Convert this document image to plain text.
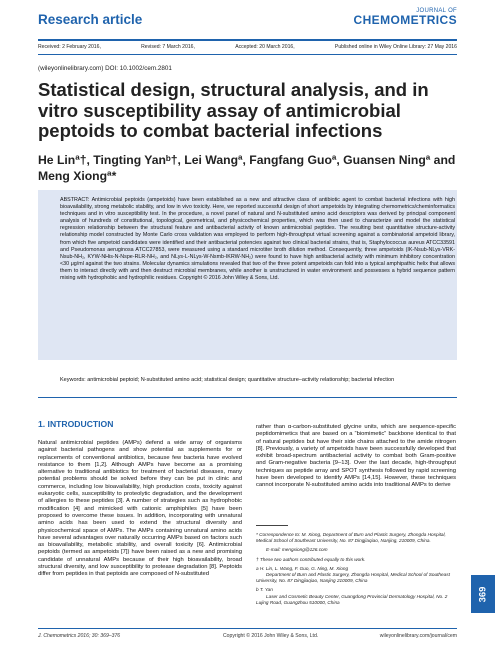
Research article
JOURNAL OF
CHEMOMETRICS
Received: 2 February 2016,	Revised: 7 March 2016,	Accepted: 20 March 2016,	Published online in Wiley Online Library: 27 May 2016
(wileyonlinelibrary.com) DOI: 10.1002/cem.2801
Statistical design, structural analysis, and in vitro susceptibility assay of antimicrobial peptoids to combat bacterial infections
He Linª†, Tingting Yanᵇ†, Lei Wangª, Fangfang Guoª, Guansen Ningª and Meng Xiongª*

ABSTRACT: Antimicrobial peptoids (ampetoids) have been established as a new and attractive class of antibiotic agent to combat bacterial infections with high bioavailability, strong metabolic stability, and low in vivo toxicity. Here, we reported successful design of short ampetoids by integrating chemometrics/cheminformatics techniques and in vitro susceptibility test. In the procedure, a novel panel of natural and N-substituted amino acid descriptors was derived by principal component analysis of hundreds of constitutional, topological, geometrical, and physicochemical properties, which was then used to characterize and model the statistical regression relationship between the structural feature and antibacterial activity of known antimicrobial peptides. The resulting best quantitative structure-activity relationship model constructed by Monte Carlo cross validation was employed to perform high-throughput virtual screening against a combinatorial ampetoid library, from which five ampetoid candidates were identified and their antibacterial potencies against two clinical bacterial strains, that is, Staphylococcus aureus ATCC33591 and Pseudomonas aeruginosa ATCC27853, were measured using a standard microtiter broth dilution method. Consequently, three ampetoids (IK-Nsub-NLys-VRK-Nsub-NH₂, KYW-NHis-N-Nspe-RLR-NH₂, and NLys-L-NLys-W-Nsmb-IKRW-NH₂) were found to have high antibacterial activity with minimum inhibitory concentration <30 μg/ml against the two strains. Molecular dynamics simulations revealed that two of the three potent ampetoids can fold into a typical amphipathic helix that allows them to interact directly with and then destruct microbial membranes, while another is unstructured in water environment and possesses a hybrid sequence pattern mixing with hydrophobic and hydrophilic residues. Copyright © 2016 John Wiley & Sons, Ltd.

Keywords: antimicrobial peptoid; N-substituted amino acid; statistical design; quantitative structure–activity relationship; bacterial infection

1. INTRODUCTION

Natural antimicrobial peptides (AMPs) defend a wide array of organisms against bacterial pathogens and show potential as supplements for or replacements of conventional antibiotics, because few bacteria have evolved resistance to them [1,2]. Although AMPs have become as a promising alternative to traditional antibiotics for treatment of bacterial diseases, many potential problems should be solved before they can be put in clinic and commerce, including low bioavailability, high production costs, toxicity against eukaryotic cells, susceptibility to proteolytic degradation, and the development of allergies to these peptides [3]. A number of strategies such as hydrophobic modification [4] and mimicked with cationic amphiphiles [5] have been proposed to overcome these issues. In addition, incorporating with unnatural amino acids has been used to extend the structural diversity and physicochemical space of AMPs. The AMPs containing unnatural amino acids have several advantages over naturally occurring AMPs based on factors such as bioavailability, metabolic stability, and overall toxicity [6]. Antimicrobial peptoids (termed as ampetoids [7]) have been raised as a new and promising candidate of unnatural AMPs because of their high bioavailability, broad structural diversity, and low susceptibility to protease degradation [8]. Peptoids differ from peptides in that peptoids are composed of N-substituted

rather than α-carbon-substituted glycine units, which are sequence-specific peptidomimetics that are based on a “biomimetic” backbone identical to that of natural peptides but have their side chains attached to the amide nitrogen [8]. Previously, a variety of ampetoids have been successfully developed that exhibit broad-spectrum antibacterial activity to combat both Gram-positive and Gram-negative bacteria [9–13]. Over the last decade, high-throughput techniques as peptide array and SPOT synthesis followed by rapid screening have been developed to identify AMPs [14,15]. However, these techniques cannot incorporate N-substituted amino acids into traditional AMPs to derive

* Correspondence to: M. Xiong, Department of Burn and Plastic Surgery, Zhongda Hospital, Medical School of Southeast University, No. 87 Dingjiaqiao, Nanjing, 210009, China.

E-mail: mengxiong@126.com

† These two authors contributed equally to this work.

a H. Lin, L. Wang, F. Guo, G. Ning, M. Xiong
Department of Burn and Plastic Surgery, Zhongda Hospital, Medical School of Southeast University, No. 87 Dingjiaqiao, Nanjing 210009, China

b T. Yan
Laser and Cosmetic Beauty Center, Guangdong Provincial Dermatology Hospital, No. 2 Lujing Road, Guangzhou 510000, China

369
J. Chemometrics 2016; 30: 369–376	Copyright © 2016 John Wiley & Sons, Ltd.	wileyonlinelibrary.com/journal/cem
